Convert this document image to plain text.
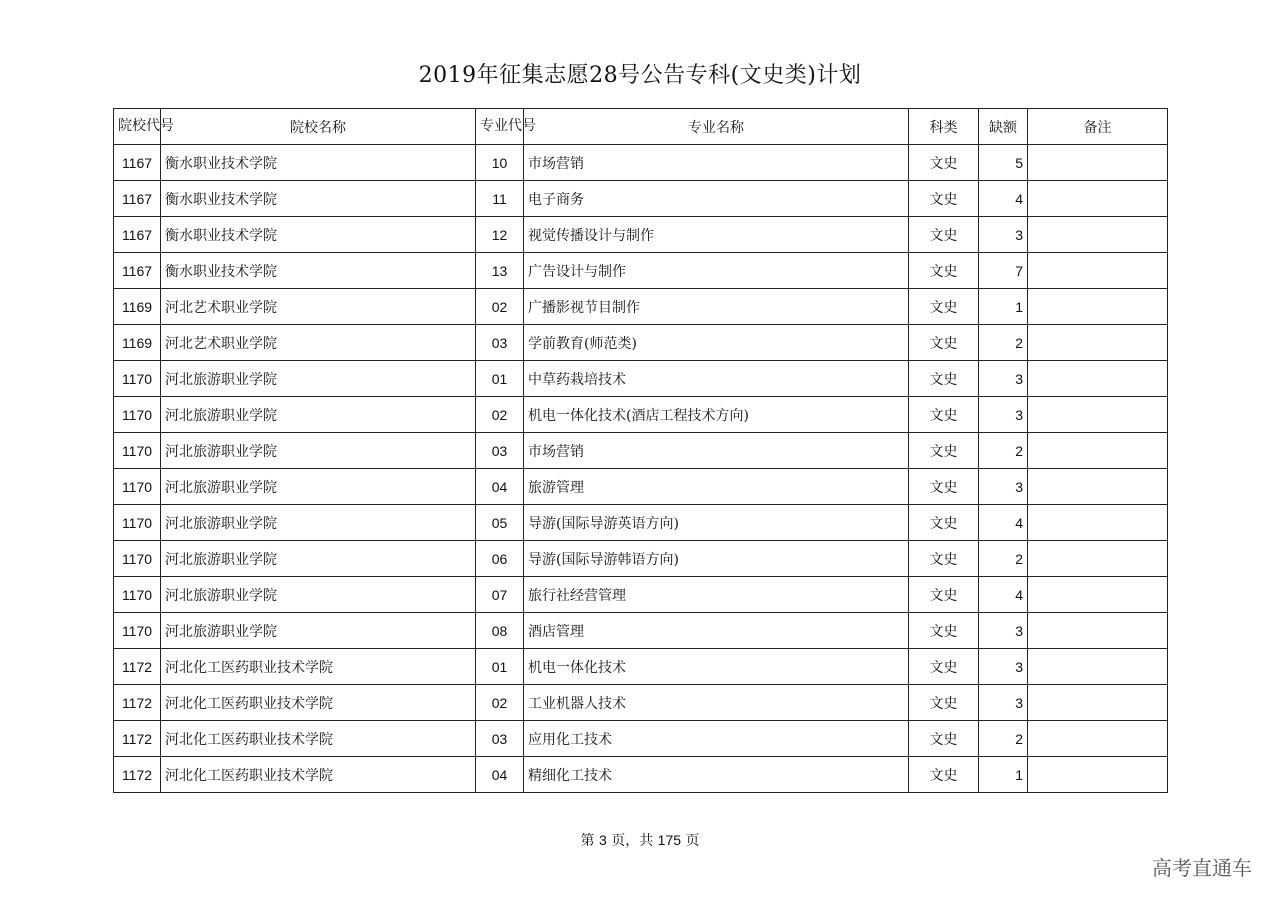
2019年征集志愿28号公告专科(文史类)计划
院校代号	院校名称	专业代号	专业名称	科类	缺额	备注
1167	衡水职业技术学院	10	市场营销	文史	5	
1167	衡水职业技术学院	11	电子商务	文史	4	
1167	衡水职业技术学院	12	视觉传播设计与制作	文史	3	
1167	衡水职业技术学院	13	广告设计与制作	文史	7	
1169	河北艺术职业学院	02	广播影视节目制作	文史	1	
1169	河北艺术职业学院	03	学前教育(师范类)	文史	2	
1170	河北旅游职业学院	01	中草药栽培技术	文史	3	
1170	河北旅游职业学院	02	机电一体化技术(酒店工程技术方向)	文史	3	
1170	河北旅游职业学院	03	市场营销	文史	2	
1170	河北旅游职业学院	04	旅游管理	文史	3	
1170	河北旅游职业学院	05	导游(国际导游英语方向)	文史	4	
1170	河北旅游职业学院	06	导游(国际导游韩语方向)	文史	2	
1170	河北旅游职业学院	07	旅行社经营管理	文史	4	
1170	河北旅游职业学院	08	酒店管理	文史	3	
1172	河北化工医药职业技术学院	01	机电一体化技术	文史	3	
1172	河北化工医药职业技术学院	02	工业机器人技术	文史	3	
1172	河北化工医药职业技术学院	03	应用化工技术	文史	2	
1172	河北化工医药职业技术学院	04	精细化工技术	文史	1	
第 3 页，共 175 页
高考直通车
